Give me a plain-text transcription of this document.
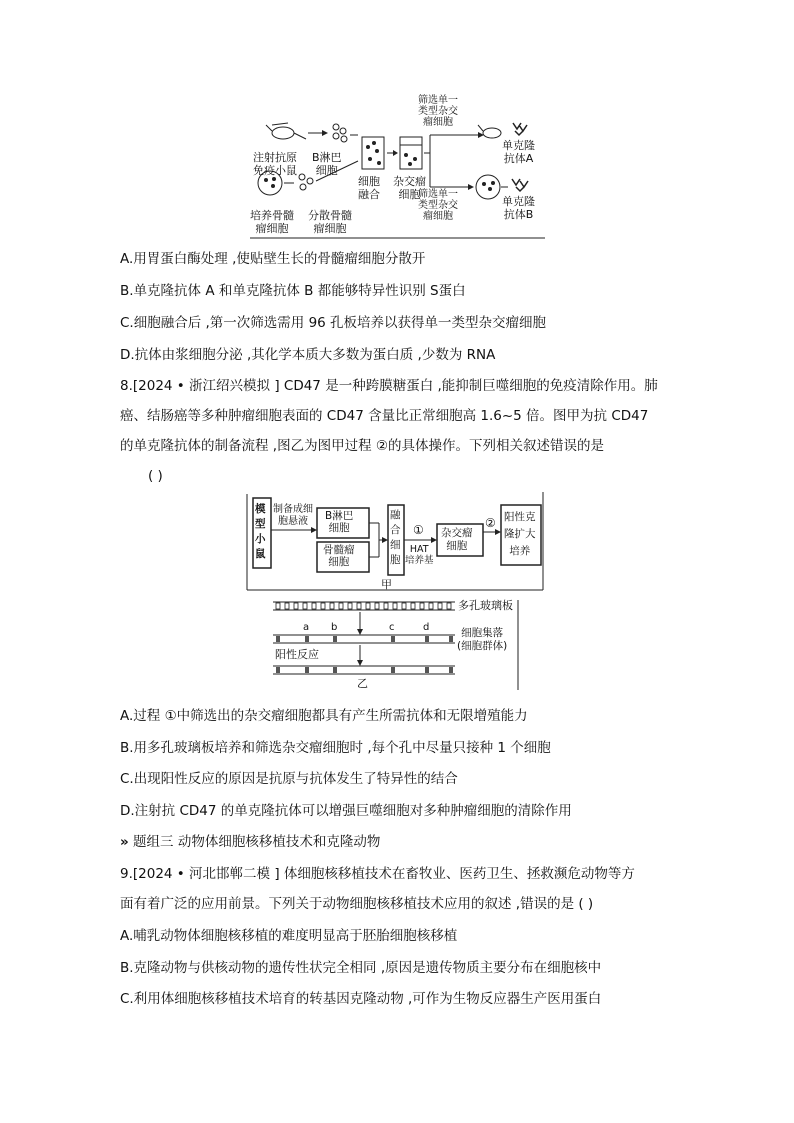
注射抗原
免疫小鼠
B淋巴
细胞
细胞
融合
杂交瘤
细胞
培养骨髓
瘤细胞
分散骨髓
瘤细胞
筛选单一
类型杂交
瘤细胞
筛选单一
类型杂交
瘤细胞
单克隆
抗体A
单克隆
抗体B
A.用胃蛋白酶处理 ,使贴壁生长的骨髓瘤细胞分散开
B.单克隆抗体 A 和单克隆抗体 B 都能够特异性识别 S蛋白
C.细胞融合后 ,第一次筛选需用 96 孔板培养以获得单一类型杂交瘤细胞
D.抗体由浆细胞分泌 ,其化学本质大多数为蛋白质 ,少数为 RNA
8.[2024 • 浙江绍兴模拟 ] CD47 是一种跨膜糖蛋白 ,能抑制巨噬细胞的免疫清除作用。肺
癌、结肠癌等多种肿瘤细胞表面的 CD47 含量比正常细胞高 1.6~5 倍。图甲为抗 CD47
的单克隆抗体的制备流程 ,图乙为图甲过程 ②的具体操作。下列相关叙述错误的是
( )
模
型
小
鼠
制备成细
胞悬液	B淋巴
细胞
骨髓瘤
细胞
融
合
细
胞
①
HAT
培养基
杂交瘤
细胞
② 阳性克
隆扩大
培养
甲
多孔玻璃板
细胞集落
(细胞群体)
a b	c	d
阳性反应
乙
A.过程 ①中筛选出的杂交瘤细胞都具有产生所需抗体和无限增殖能力
B.用多孔玻璃板培养和筛选杂交瘤细胞时 ,每个孔中尽量只接种 1 个细胞
C.出现阳性反应的原因是抗原与抗体发生了特异性的结合
D.注射抗 CD47 的单克隆抗体可以增强巨噬细胞对多种肿瘤细胞的清除作用
» 题组三 动物体细胞核移植技术和克隆动物
9.[2024 • 河北邯郸二模 ] 体细胞核移植技术在畜牧业、医药卫生、拯救濒危动物等方
面有着广泛的应用前景。下列关于动物细胞核移植技术应用的叙述 ,错误的是 ( )
A.哺乳动物体细胞核移植的难度明显高于胚胎细胞核移植
B.克隆动物与供核动物的遗传性状完全相同 ,原因是遗传物质主要分布在细胞核中
C.利用体细胞核移植技术培育的转基因克隆动物 ,可作为生物反应器生产医用蛋白
